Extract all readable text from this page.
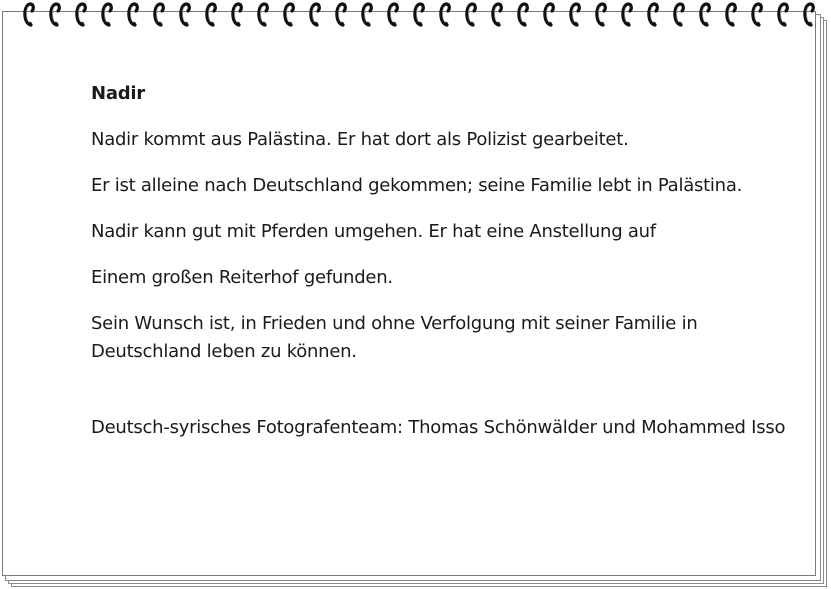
Nadir

Nadir kommt aus Palästina. Er hat dort als Polizist gearbeitet.

Er ist alleine nach Deutschland gekommen; seine Familie lebt in Palästina.

Nadir kann gut mit Pferden umgehen. Er hat eine Anstellung auf

Einem großen Reiterhof gefunden.

Sein Wunsch ist, in Frieden und ohne Verfolgung mit seiner Familie in Deutschland leben zu können.

Deutsch-syrisches Fotografenteam: Thomas Schönwälder und Mohammed Isso
